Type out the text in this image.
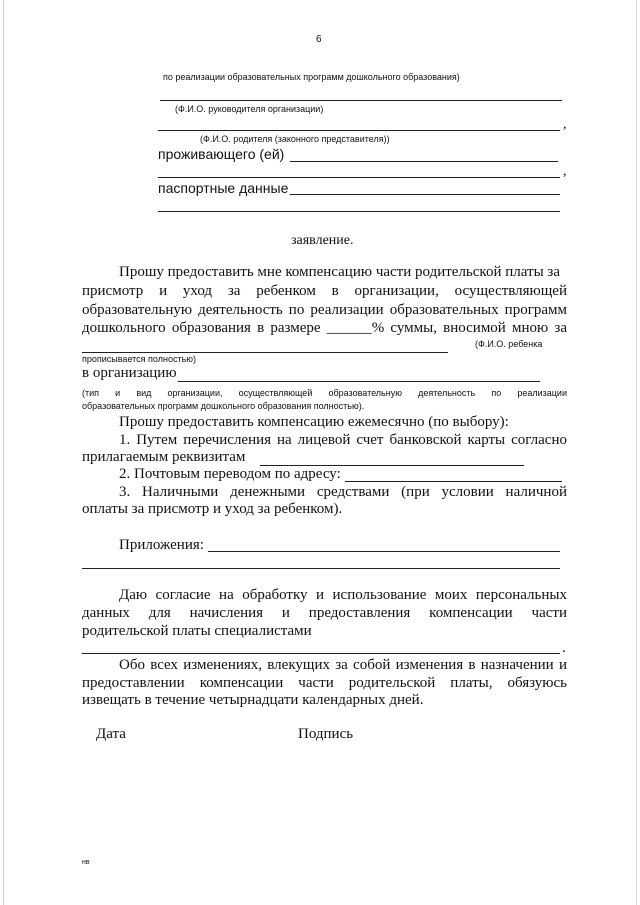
6
по реализации образовательных программ дошкольного образования)
(Ф.И.О. руководителя организации)
,
(Ф.И.О. родителя (законного представителя))
проживающего (ей)
,
паспортные данные
заявление.
Прошу предоставить мне компенсацию части родительской платы за
присмотр и уход за ребенком в организации, осуществляющей
образовательную деятельность по реализации образовательных программ
дошкольного образования в размере ______% суммы, вносимой мною за
(Ф.И.О. ребенка
прописывается полностью)
в организацию
(тип и вид организации, осуществляющей образовательную деятельность по реализации
образовательных программ дошкольного образования полностью).
Прошу предоставить компенсацию ежемесячно (по выбору):
1. Путем перечисления на лицевой счет банковской карты согласно
прилагаемым реквизитам
2. Почтовым переводом по адресу:
3. Наличными денежными средствами (при условии наличной
оплаты за присмотр и уход за ребенком).
Приложения:
Даю согласие на обработку и использование моих персональных
данных для начисления и предоставления компенсации части
родительской платы специалистами
.
Обо всех изменениях, влекущих за собой изменения в назначении и
предоставлении компенсации части родительской платы, обязуюсь
извещать в течение четырнадцати календарных дней.
Дата	Подпись
нв
